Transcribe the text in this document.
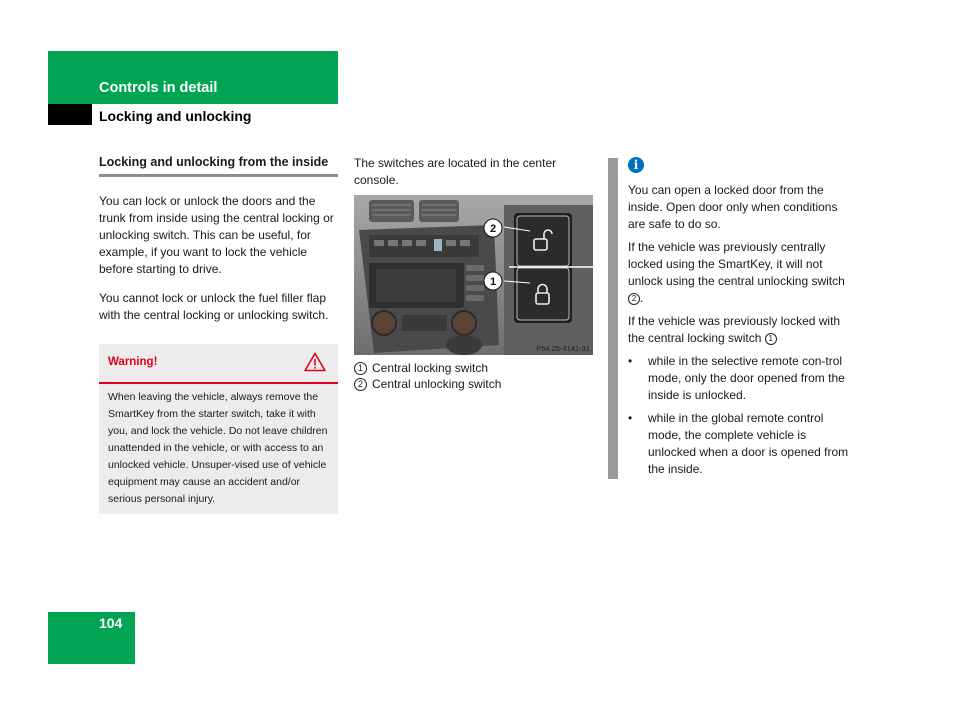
Controls in detail
Locking and unlocking
Locking and unlocking from the inside
You can lock or unlock the doors and the trunk from inside using the central locking or unlocking switch. This can be useful, for example, if you want to lock the vehicle before starting to drive.
You cannot lock or unlock the fuel filler flap with the central locking or unlocking switch.
Warning!
When leaving the vehicle, always remove the SmartKey from the starter switch, take it with you, and lock the vehicle. Do not leave children unattended in the vehicle, or with access to an unlocked vehicle. Unsuper-vised use of vehicle equipment may cause an accident and/or serious personal injury.
The switches are located in the center console.
2
1
P54.25-4141-31
1 Central locking switch
2 Central unlocking switch
i
You can open a locked door from the inside. Open door only when conditions are safe to do so.
If the vehicle was previously centrally locked using the SmartKey, it will not unlock using the central unlocking switch 2 .
If the vehicle was previously locked with the central locking switch 1
•	while in the selective remote con-trol mode, only the door opened from the inside is unlocked.
•	while in the global remote control mode, the complete vehicle is unlocked when a door is opened from the inside.
104
